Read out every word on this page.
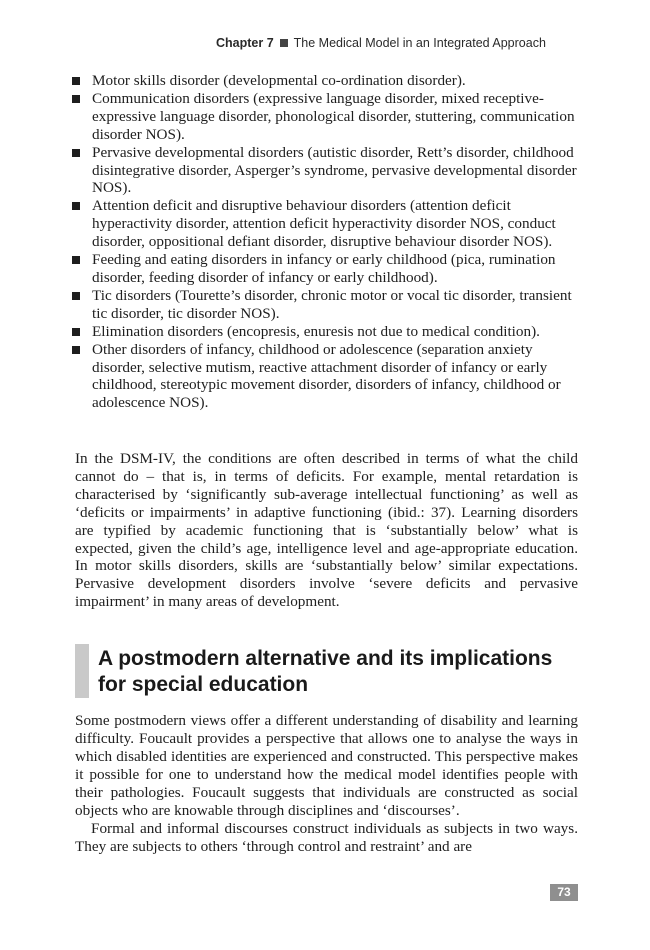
Chapter 7 The Medical Model in an Integrated Approach
Motor skills disorder (developmental co-ordination disorder).
Communication disorders (expressive language disorder, mixed receptive-expressive language disorder, phonological disorder, stuttering, communication disorder NOS).
Pervasive developmental disorders (autistic disorder, Rett’s disorder, childhood disintegrative disorder, Asperger’s syndrome, pervasive developmental disorder NOS).
Attention deficit and disruptive behaviour disorders (attention deficit hyperactivity disorder, attention deficit hyperactivity disorder NOS, conduct disorder, oppositional defiant disorder, disruptive behaviour disorder NOS).
Feeding and eating disorders in infancy or early childhood (pica, rumination disorder, feeding disorder of infancy or early childhood).
Tic disorders (Tourette’s disorder, chronic motor or vocal tic disorder, transient tic disorder, tic disorder NOS).
Elimination disorders (encopresis, enuresis not due to medical condition).
Other disorders of infancy, childhood or adolescence (separation anxiety disorder, selective mutism, reactive attachment disorder of infancy or early childhood, stereotypic movement disorder, disorders of infancy, childhood or adolescence NOS).

In the DSM-IV, the conditions are often described in terms of what the child cannot do – that is, in terms of deficits. For example, mental retardation is characterised by ‘significantly sub-average intellectual functioning’ as well as ‘deficits or impairments’ in adaptive functioning (ibid.: 37). Learning disorders are typified by academic functioning that is ‘substantially below’ what is expected, given the child’s age, intelligence level and age-appropriate education. In motor skills disorders, skills are ‘substantially below’ similar expectations. Pervasive development disorders involve ‘severe deficits and pervasive impairment’ in many areas of development.

A postmodern alternative and its implications for special education

Some postmodern views offer a different understanding of disability and learning difficulty. Foucault provides a perspective that allows one to analyse the ways in which disabled identities are experienced and constructed. This perspective makes it possible for one to understand how the medical model identifies people with their pathologies. Foucault suggests that individuals are constructed as social objects who are knowable through disciplines and ‘discourses’.

Formal and informal discourses construct individuals as subjects in two ways. They are subjects to others ‘through control and restraint’ and are

73
